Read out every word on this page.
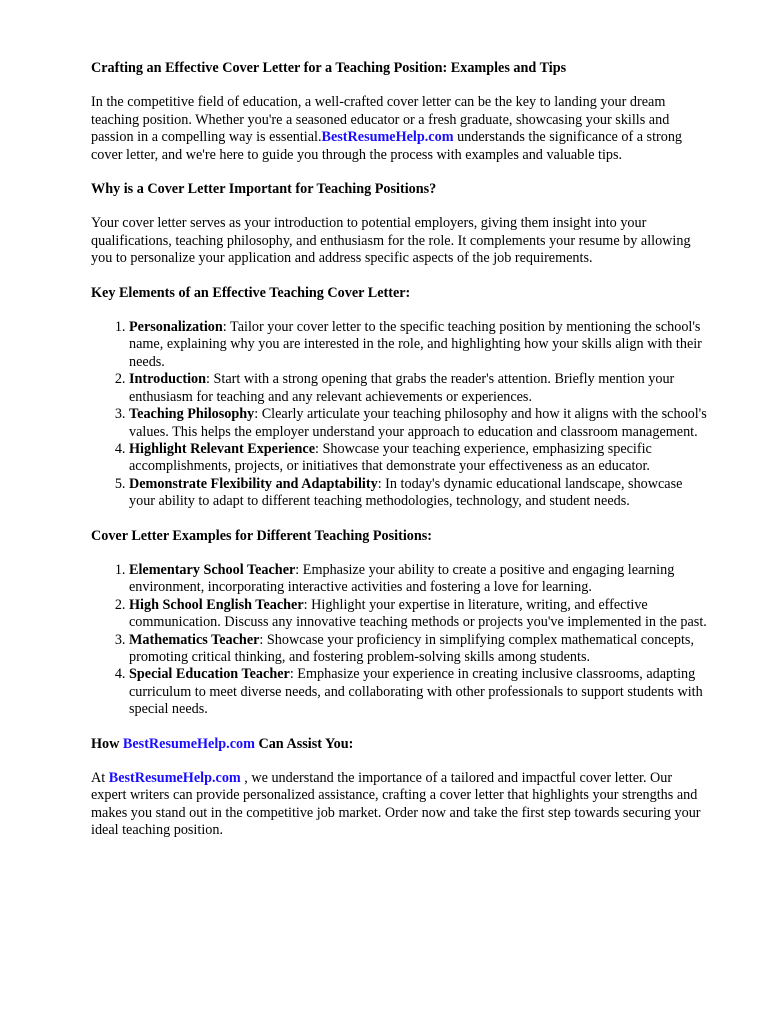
Crafting an Effective Cover Letter for a Teaching Position: Examples and Tips

In the competitive field of education, a well-crafted cover letter can be the key to landing your dream teaching position. Whether you're a seasoned educator or a fresh graduate, showcasing your skills and passion in a compelling way is essential.BestResumeHelp.com understands the significance of a strong cover letter, and we're here to guide you through the process with examples and valuable tips.

Why is a Cover Letter Important for Teaching Positions?

Your cover letter serves as your introduction to potential employers, giving them insight into your qualifications, teaching philosophy, and enthusiasm for the role. It complements your resume by allowing you to personalize your application and address specific aspects of the job requirements.

Key Elements of an Effective Teaching Cover Letter:
1. Personalization: Tailor your cover letter to the specific teaching position by mentioning the school's name, explaining why you are interested in the role, and highlighting how your skills align with their needs.
2. Introduction: Start with a strong opening that grabs the reader's attention. Briefly mention your enthusiasm for teaching and any relevant achievements or experiences.
3. Teaching Philosophy: Clearly articulate your teaching philosophy and how it aligns with the school's values. This helps the employer understand your approach to education and classroom management.
4. Highlight Relevant Experience: Showcase your teaching experience, emphasizing specific accomplishments, projects, or initiatives that demonstrate your effectiveness as an educator.
5. Demonstrate Flexibility and Adaptability: In today's dynamic educational landscape, showcase your ability to adapt to different teaching methodologies, technology, and student needs.
Cover Letter Examples for Different Teaching Positions:
1. Elementary School Teacher: Emphasize your ability to create a positive and engaging learning environment, incorporating interactive activities and fostering a love for learning.
2. High School English Teacher: Highlight your expertise in literature, writing, and effective communication. Discuss any innovative teaching methods or projects you've implemented in the past.
3. Mathematics Teacher: Showcase your proficiency in simplifying complex mathematical concepts, promoting critical thinking, and fostering problem-solving skills among students.
4. Special Education Teacher: Emphasize your experience in creating inclusive classrooms, adapting curriculum to meet diverse needs, and collaborating with other professionals to support students with special needs.
How BestResumeHelp.com Can Assist You:

At BestResumeHelp.com , we understand the importance of a tailored and impactful cover letter. Our expert writers can provide personalized assistance, crafting a cover letter that highlights your strengths and makes you stand out in the competitive job market. Order now and take the first step towards securing your ideal teaching position.
